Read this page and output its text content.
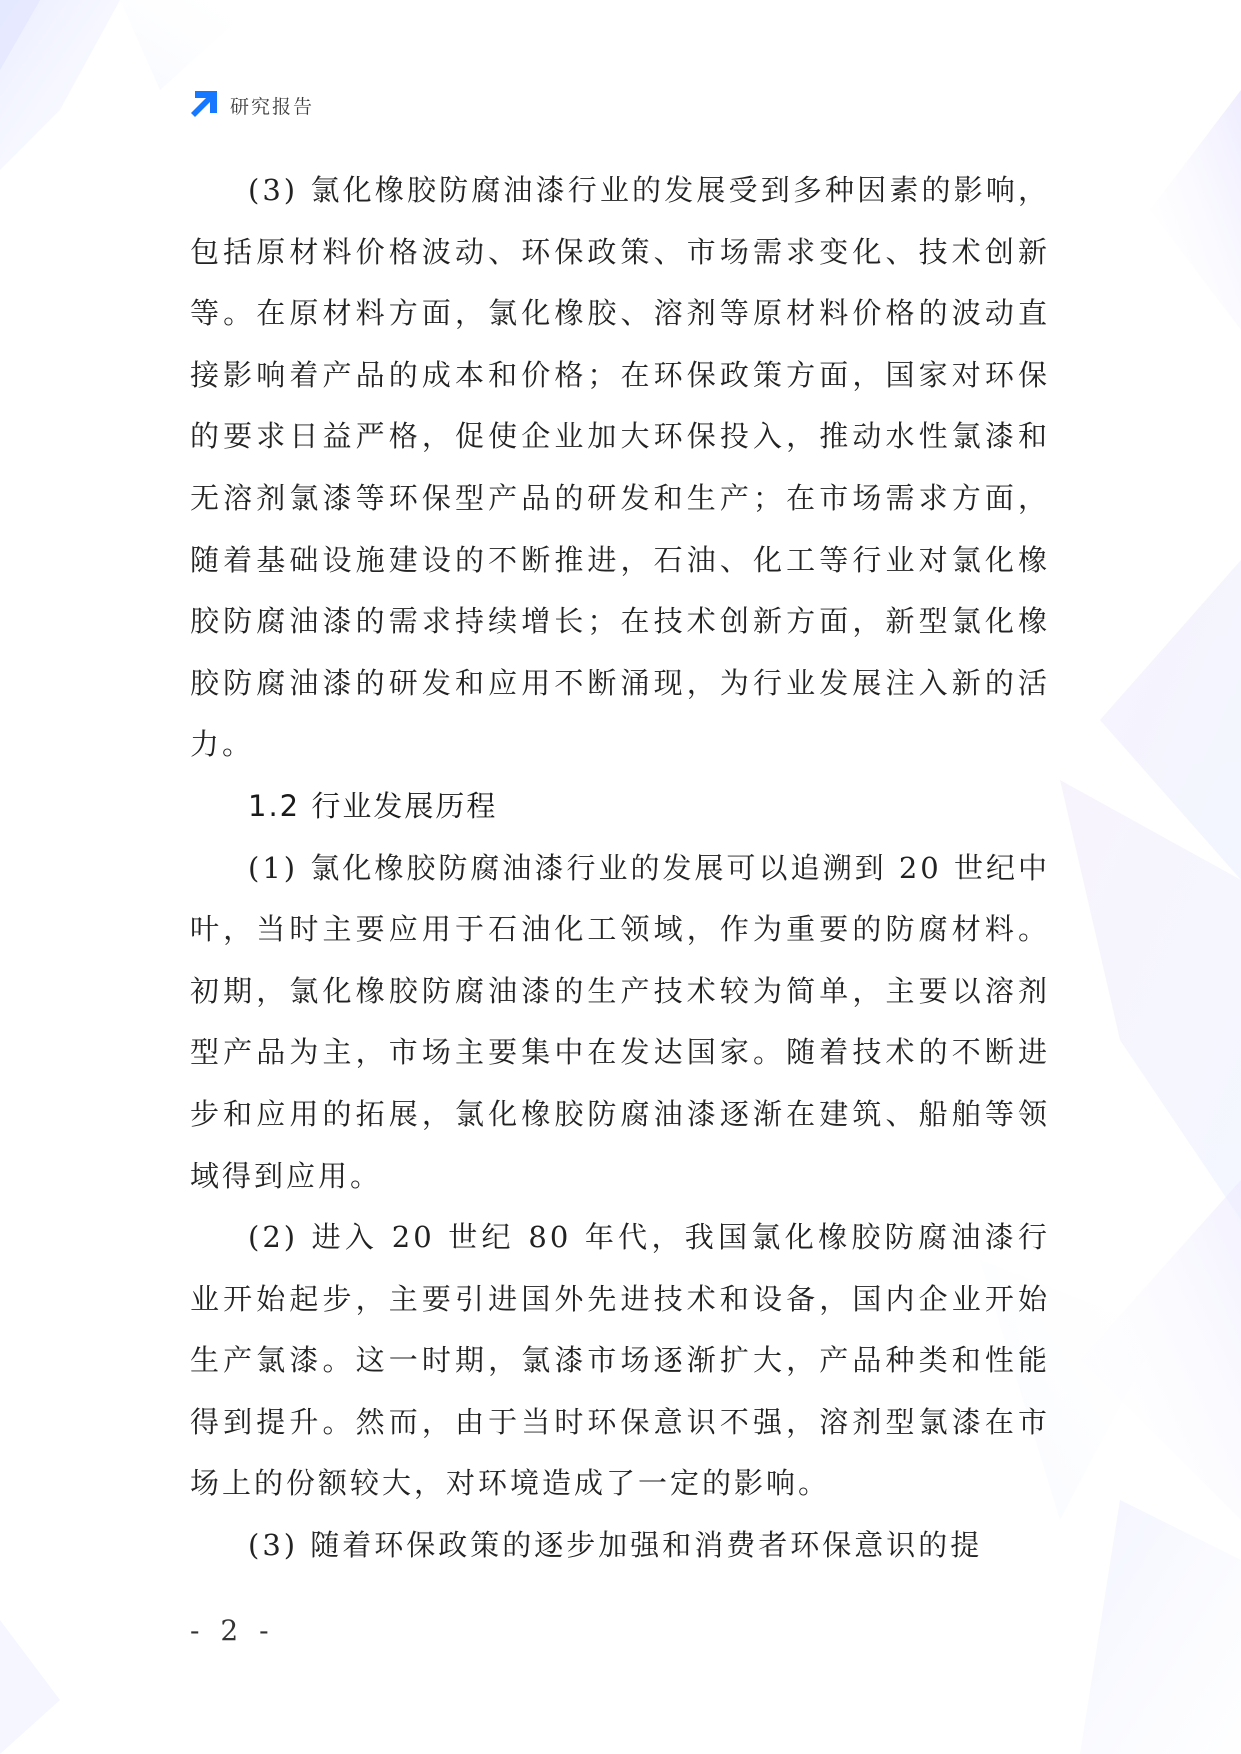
研究报告

(3) 氯化橡胶防腐油漆行业的发展受到多种因素的影响，包括原材料价格波动、环保政策、市场需求变化、技术创新等。在原材料方面，氯化橡胶、溶剂等原材料价格的波动直接影响着产品的成本和价格；在环保政策方面，国家对环保的要求日益严格，促使企业加大环保投入，推动水性氯漆和无溶剂氯漆等环保型产品的研发和生产；在市场需求方面，随着基础设施建设的不断推进，石油、化工等行业对氯化橡胶防腐油漆的需求持续增长；在技术创新方面，新型氯化橡胶防腐油漆的研发和应用不断涌现，为行业发展注入新的活力。

1.2 行业发展历程

(1) 氯化橡胶防腐油漆行业的发展可以追溯到 20 世纪中叶，当时主要应用于石油化工领域，作为重要的防腐材料。初期，氯化橡胶防腐油漆的生产技术较为简单，主要以溶剂型产品为主，市场主要集中在发达国家。随着技术的不断进步和应用的拓展，氯化橡胶防腐油漆逐渐在建筑、船舶等领域得到应用。

(2) 进入 20 世纪 80 年代，我国氯化橡胶防腐油漆行业开始起步，主要引进国外先进技术和设备，国内企业开始生产氯漆。这一时期，氯漆市场逐渐扩大，产品种类和性能得到提升。然而，由于当时环保意识不强，溶剂型氯漆在市场上的份额较大，对环境造成了一定的影响。

(3) 随着环保政策的逐步加强和消费者环保意识的提

- 2 -
